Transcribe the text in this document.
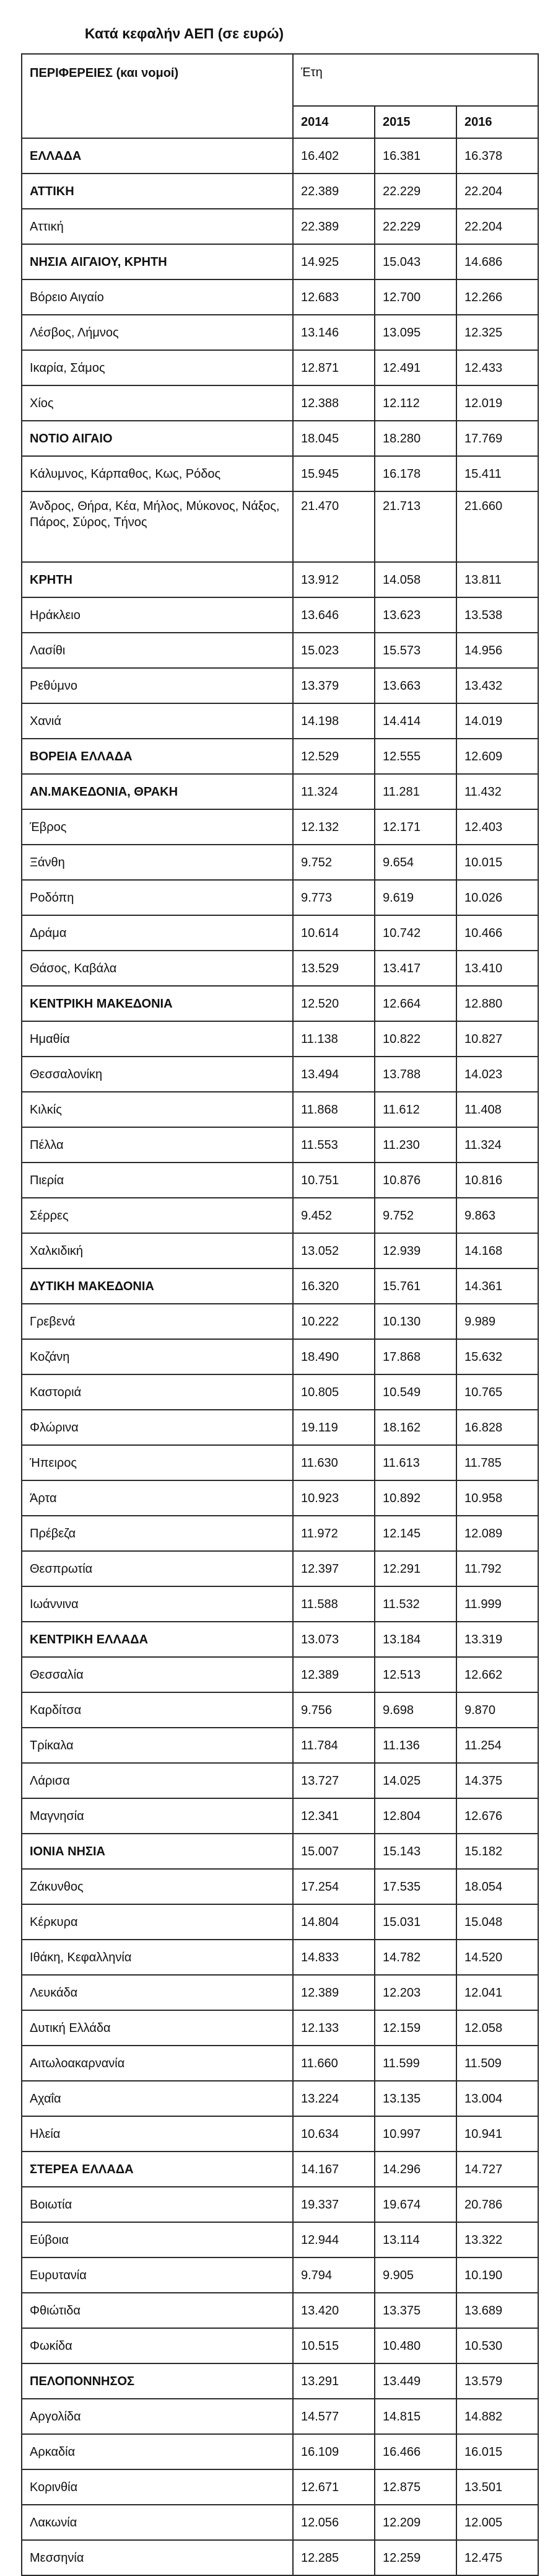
Κατά κεφαλήν ΑΕΠ (σε ευρώ)
ΠΕΡΙΦΕΡΕΙΕΣ (και νομοί)	Έτη		
	2014	2015	2016
ΕΛΛΑΔΑ	16.402	16.381	16.378
ΑΤΤΙΚΗ	22.389	22.229	22.204
Αττική	22.389	22.229	22.204
ΝΗΣΙΑ ΑΙΓΑΙΟΥ, ΚΡΗΤΗ	14.925	15.043	14.686
Βόρειο Αιγαίο	12.683	12.700	12.266
Λέσβος, Λήμνος	13.146	13.095	12.325
Ικαρία, Σάμος	12.871	12.491	12.433
Χίος	12.388	12.112	12.019
ΝΟΤΙΟ ΑΙΓΑΙΟ	18.045	18.280	17.769
Κάλυμνος, Κάρπαθος, Κως, Ρόδος	15.945	16.178	15.411
Άνδρος, Θήρα, Κέα, Μήλος, Μύκονος, Νάξος, Πάρος, Σύρος, Τήνος	21.470	21.713	21.660
ΚΡΗΤΗ	13.912	14.058	13.811
Ηράκλειο	13.646	13.623	13.538
Λασίθι	15.023	15.573	14.956
Ρεθύμνο	13.379	13.663	13.432
Χανιά	14.198	14.414	14.019
ΒΟΡΕΙΑ ΕΛΛΑΔΑ	12.529	12.555	12.609
ΑΝ.ΜΑΚΕΔΟΝΙΑ, ΘΡΑΚΗ	11.324	11.281	11.432
Έβρος	12.132	12.171	12.403
Ξάνθη	9.752	9.654	10.015
Ροδόπη	9.773	9.619	10.026
Δράμα	10.614	10.742	10.466
Θάσος, Καβάλα	13.529	13.417	13.410
ΚΕΝΤΡΙΚΗ ΜΑΚΕΔΟΝΙΑ	12.520	12.664	12.880
Ημαθία	11.138	10.822	10.827
Θεσσαλονίκη	13.494	13.788	14.023
Κιλκίς	11.868	11.612	11.408
Πέλλα	11.553	11.230	11.324
Πιερία	10.751	10.876	10.816
Σέρρες	9.452	9.752	9.863
Χαλκιδική	13.052	12.939	14.168
ΔΥΤΙΚΗ ΜΑΚΕΔΟΝΙΑ	16.320	15.761	14.361
Γρεβενά	10.222	10.130	9.989
Κοζάνη	18.490	17.868	15.632
Καστοριά	10.805	10.549	10.765
Φλώρινα	19.119	18.162	16.828
Ήπειρος	11.630	11.613	11.785
Άρτα	10.923	10.892	10.958
Πρέβεζα	11.972	12.145	12.089
Θεσπρωτία	12.397	12.291	11.792
Ιωάννινα	11.588	11.532	11.999
ΚΕΝΤΡΙΚΗ ΕΛΛΑΔΑ	13.073	13.184	13.319
Θεσσαλία	12.389	12.513	12.662
Καρδίτσα	9.756	9.698	9.870
Τρίκαλα	11.784	11.136	11.254
Λάρισα	13.727	14.025	14.375
Μαγνησία	12.341	12.804	12.676
ΙΟΝΙΑ ΝΗΣΙΑ	15.007	15.143	15.182
Ζάκυνθος	17.254	17.535	18.054
Κέρκυρα	14.804	15.031	15.048
Ιθάκη, Κεφαλληνία	14.833	14.782	14.520
Λευκάδα	12.389	12.203	12.041
Δυτική Ελλάδα	12.133	12.159	12.058
Αιτωλοακαρνανία	11.660	11.599	11.509
Αχαΐα	13.224	13.135	13.004
Ηλεία	10.634	10.997	10.941
ΣΤΕΡΕΑ ΕΛΛΑΔΑ	14.167	14.296	14.727
Βοιωτία	19.337	19.674	20.786
Εύβοια	12.944	13.114	13.322
Ευρυτανία	9.794	9.905	10.190
Φθιώτιδα	13.420	13.375	13.689
Φωκίδα	10.515	10.480	10.530
ΠΕΛΟΠΟΝΝΗΣΟΣ	13.291	13.449	13.579
Αργολίδα	14.577	14.815	14.882
Αρκαδία	16.109	16.466	16.015
Κορινθία	12.671	12.875	13.501
Λακωνία	12.056	12.209	12.005
Μεσσηνία	12.285	12.259	12.475
